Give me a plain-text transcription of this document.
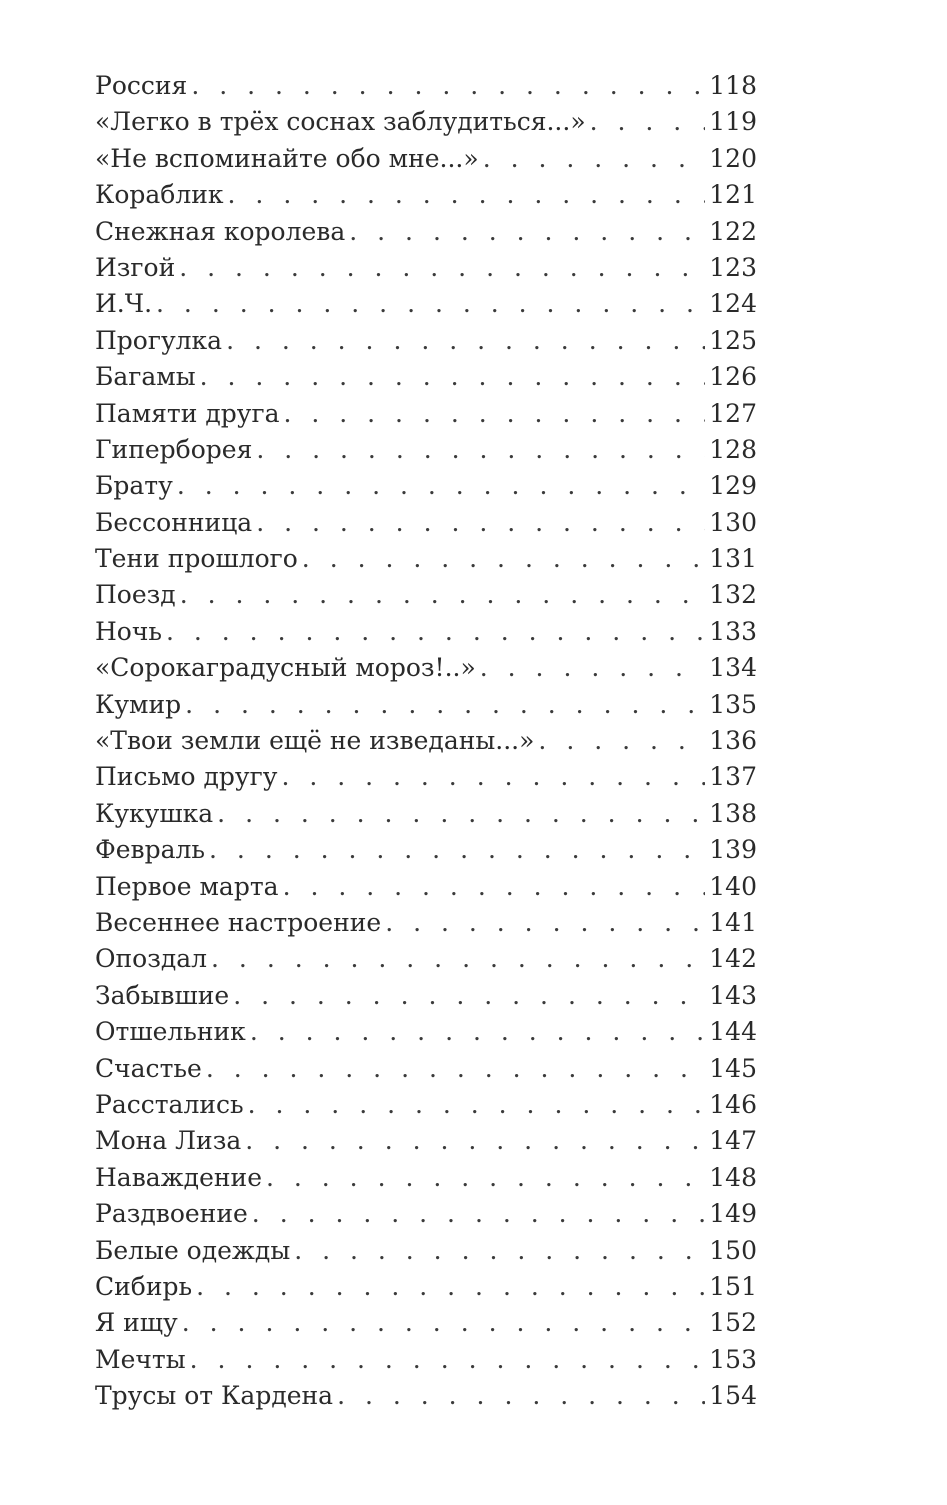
Россия . . .	118
«Легко в трёх соснах заблудиться...» . . .	119
«Не вспоминайте обо мне...» . . .	120
Кораблик . . .	121
Снежная королева . . .	122
Изгой . . .	123
И.Ч. . . .	124
Прогулка . . .	125
Багамы . . .	126
Памяти друга . . .	127
Гиперборея . . .	128
Брату . . .	129
Бессонница . . .	130
Тени прошлого . . .	131
Поезд . . .	132
Ночь . . .	133
«Сорокаградусный мороз!..» . . .	134
Кумир . . .	135
«Твои земли ещё не изведаны...» . . .	136
Письмо другу . . .	137
Кукушка . . .	138
Февраль . . .	139
Первое марта . . .	140
Весеннее настроение . . .	141
Опоздал . . .	142
Забывшие . . .	143
Отшельник . . .	144
Счастье . . .	145
Расстались . . .	146
Мона Лиза . . .	147
Наваждение . . .	148
Раздвоение . . .	149
Белые одежды . . .	150
Сибирь . . .	151
Я ищу . . .	152
Мечты . . .	153
Трусы от Кардена . . .	154
